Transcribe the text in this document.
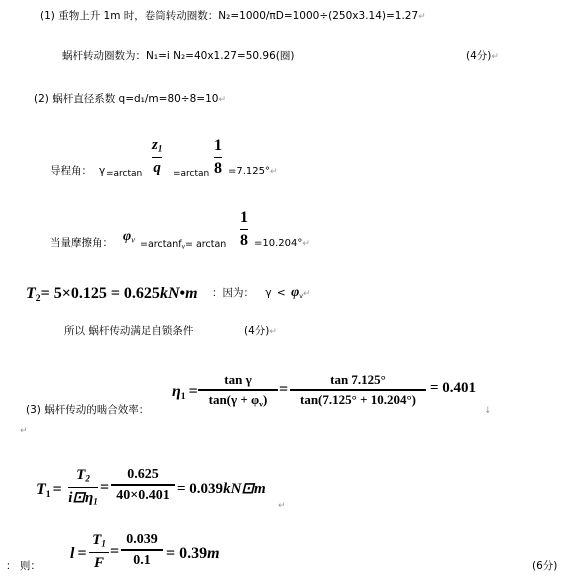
(1) 重物上升 1m 时，卷筒转动圈数：N₂=1000/πD=1000÷(250x3.14)=1.27↵
蜗杆转动圈数为：N₁=i N₂=40x1.27=50.96(圈)	(4分)↵
(2) 蜗杆直径系数 q=d₁/m=80÷8=10↵
导程角： γ =arctan
$z_1$
q =arctan
1
8 =7.125°↵
当量摩擦角： $\varphi_v =\arctan f_v= \arctan$
1
8 =10.204°↵
$T_2= 5\times 0.125$ = 0.625kN•m ：因为： $\gamma < \varphi_v↵$
所以 蜗杆传动满足自锁条件	(4分)↵
(3) 蜗杆传动的啮合效率：
$\eta_1$ =
tan γ
$\tan(\gamma + \varphi_v)$
=
tan 7.125°
tan(7.125° + 10.204°)
= 0.401
↓
↵
$T_1$ =
$T_2$
$i⊡\eta_1$
=
0.625
40×0.401 = 0.039kN⊡m
↵
： 则：
l =
$T_1$
F
=
0.039
0.1 = 0.39m
(6分)
